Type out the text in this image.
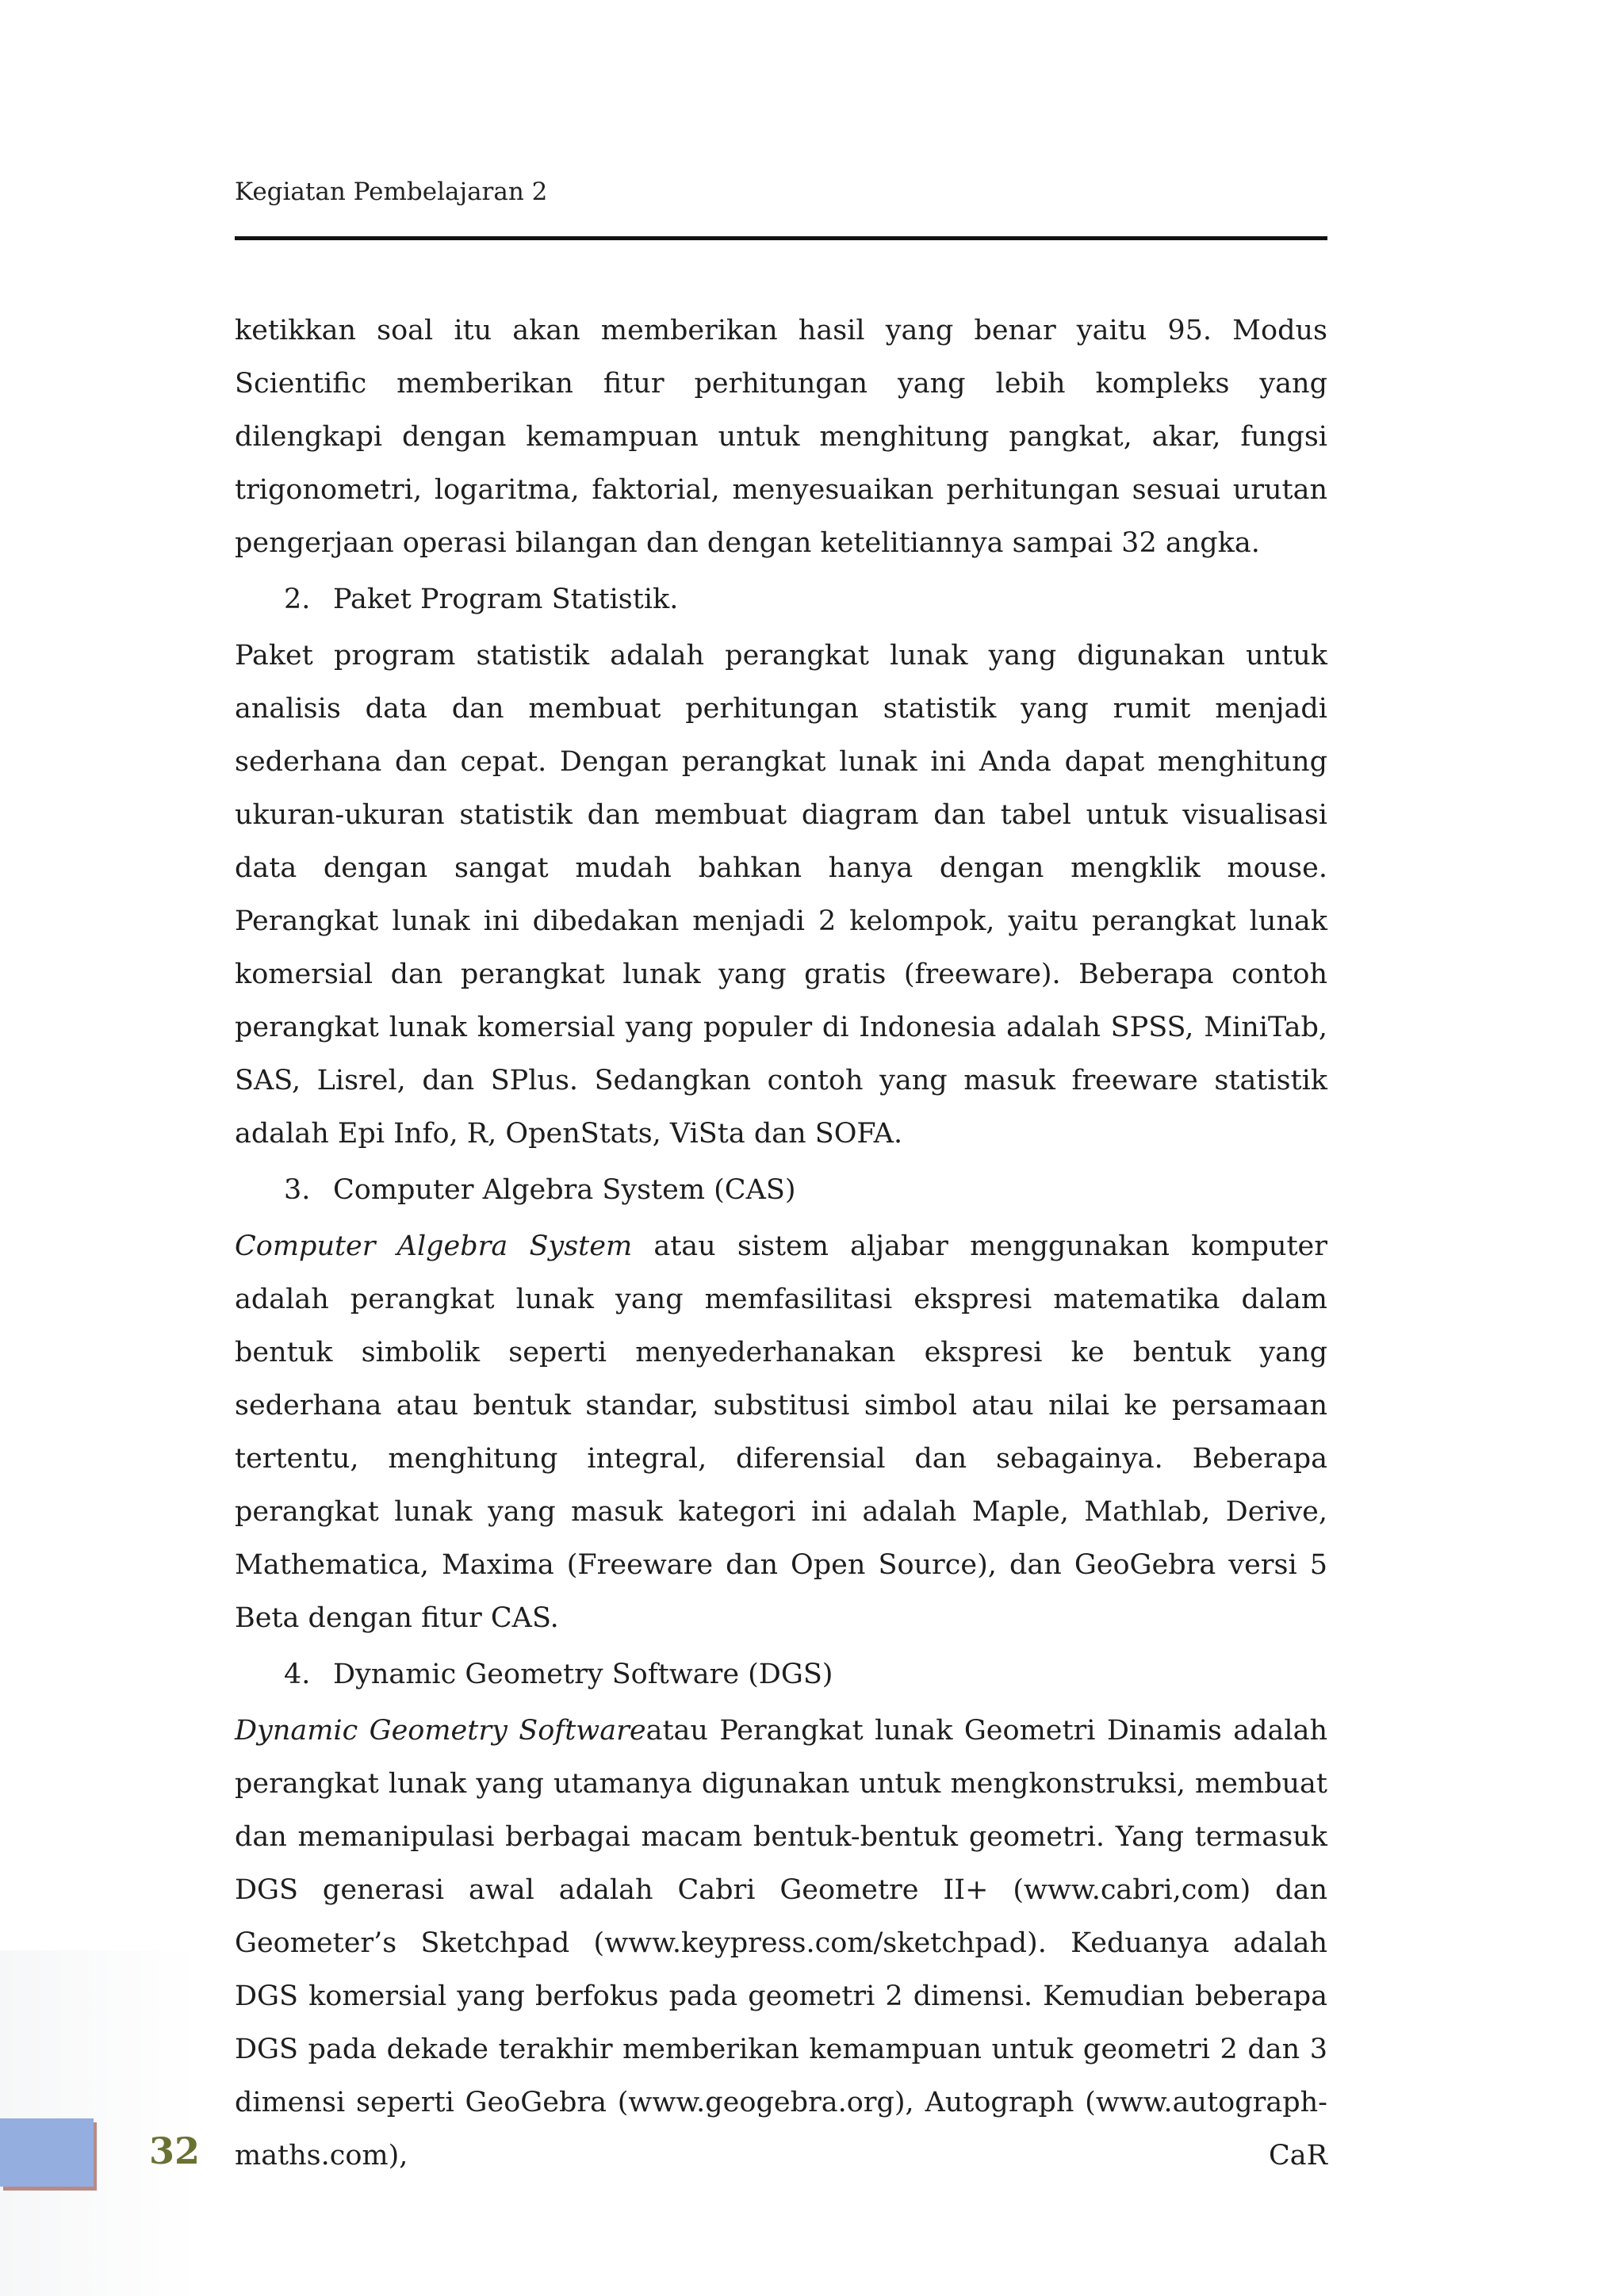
Kegiatan Pembelajaran 2

ketikkan soal itu akan memberikan hasil yang benar yaitu 95. Modus Scientific memberikan fitur perhitungan yang lebih kompleks yang dilengkapi dengan kemampuan untuk menghitung pangkat, akar, fungsi trigonometri, logaritma, faktorial, menyesuaikan perhitungan sesuai urutan pengerjaan operasi bilangan dan dengan ketelitiannya sampai 32 angka.

2. Paket Program Statistik.

Paket program statistik adalah perangkat lunak yang digunakan untuk analisis data dan membuat perhitungan statistik yang rumit menjadi sederhana dan cepat. Dengan perangkat lunak ini Anda dapat menghitung ukuran-ukuran statistik dan membuat diagram dan tabel untuk visualisasi data dengan sangat mudah bahkan hanya dengan mengklik mouse. Perangkat lunak ini dibedakan menjadi 2 kelompok, yaitu perangkat lunak komersial dan perangkat lunak yang gratis (freeware). Beberapa contoh perangkat lunak komersial yang populer di Indonesia adalah SPSS, MiniTab, SAS, Lisrel, dan SPlus. Sedangkan contoh yang masuk freeware statistik adalah Epi Info, R, OpenStats, ViSta dan SOFA.

3. Computer Algebra System (CAS)

Computer Algebra System atau sistem aljabar menggunakan komputer adalah perangkat lunak yang memfasilitasi ekspresi matematika dalam bentuk simbolik seperti menyederhanakan ekspresi ke bentuk yang sederhana atau bentuk standar, substitusi simbol atau nilai ke persamaan tertentu, menghitung integral, diferensial dan sebagainya. Beberapa perangkat lunak yang masuk kategori ini adalah Maple, Mathlab, Derive, Mathematica, Maxima (Freeware dan Open Source), dan GeoGebra versi 5 Beta dengan fitur CAS.

4. Dynamic Geometry Software (DGS)

Dynamic Geometry Softwareatau Perangkat lunak Geometri Dinamis adalah perangkat lunak yang utamanya digunakan untuk mengkonstruksi, membuat dan memanipulasi berbagai macam bentuk-bentuk geometri. Yang termasuk DGS generasi awal adalah Cabri Geometre II+ (www.cabri,com) dan Geometer’s Sketchpad (www.keypress.com/sketchpad). Keduanya adalah DGS komersial yang berfokus pada geometri 2 dimensi. Kemudian beberapa DGS pada dekade terakhir memberikan kemampuan untuk geometri 2 dan 3 dimensi seperti GeoGebra (www.geogebra.org), Autograph (www.autograph-maths.com), CaR

32
